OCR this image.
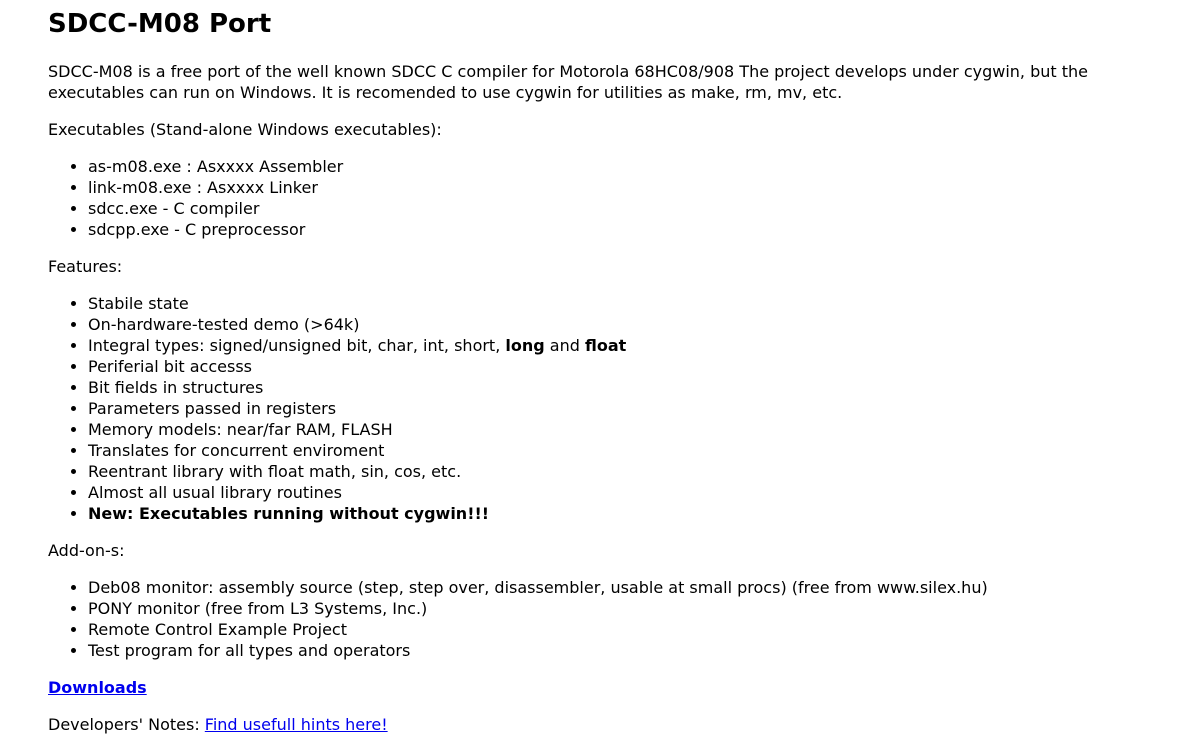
SDCC-M08 Port

SDCC-M08 is a free port of the well known SDCC C compiler for Motorola 68HC08/908 The project develops under cygwin, but the executables can run on Windows. It is recomended to use cygwin for utilities as make, rm, mv, etc.

Executables (Stand-alone Windows executables):

• as-m08.exe : Asxxxx Assembler
• link-m08.exe : Asxxxx Linker
• sdcc.exe - C compiler
• sdcpp.exe - C preprocessor

Features:

• Stabile state
• On-hardware-tested demo (>64k)
• Integral types: signed/unsigned bit, char, int, short, long and float
• Periferial bit accesss
• Bit fields in structures
• Parameters passed in registers
• Memory models: near/far RAM, FLASH
• Translates for concurrent enviroment
• Reentrant library with float math, sin, cos, etc.
• Almost all usual library routines
• New: Executables running without cygwin!!!

Add-on-s:

• Deb08 monitor: assembly source (step, step over, disassembler, usable at small procs) (free from www.silex.hu)
• PONY monitor (free from L3 Systems, Inc.)
• Remote Control Example Project
• Test program for all types and operators

Downloads

Developers' Notes: Find usefull hints here!
